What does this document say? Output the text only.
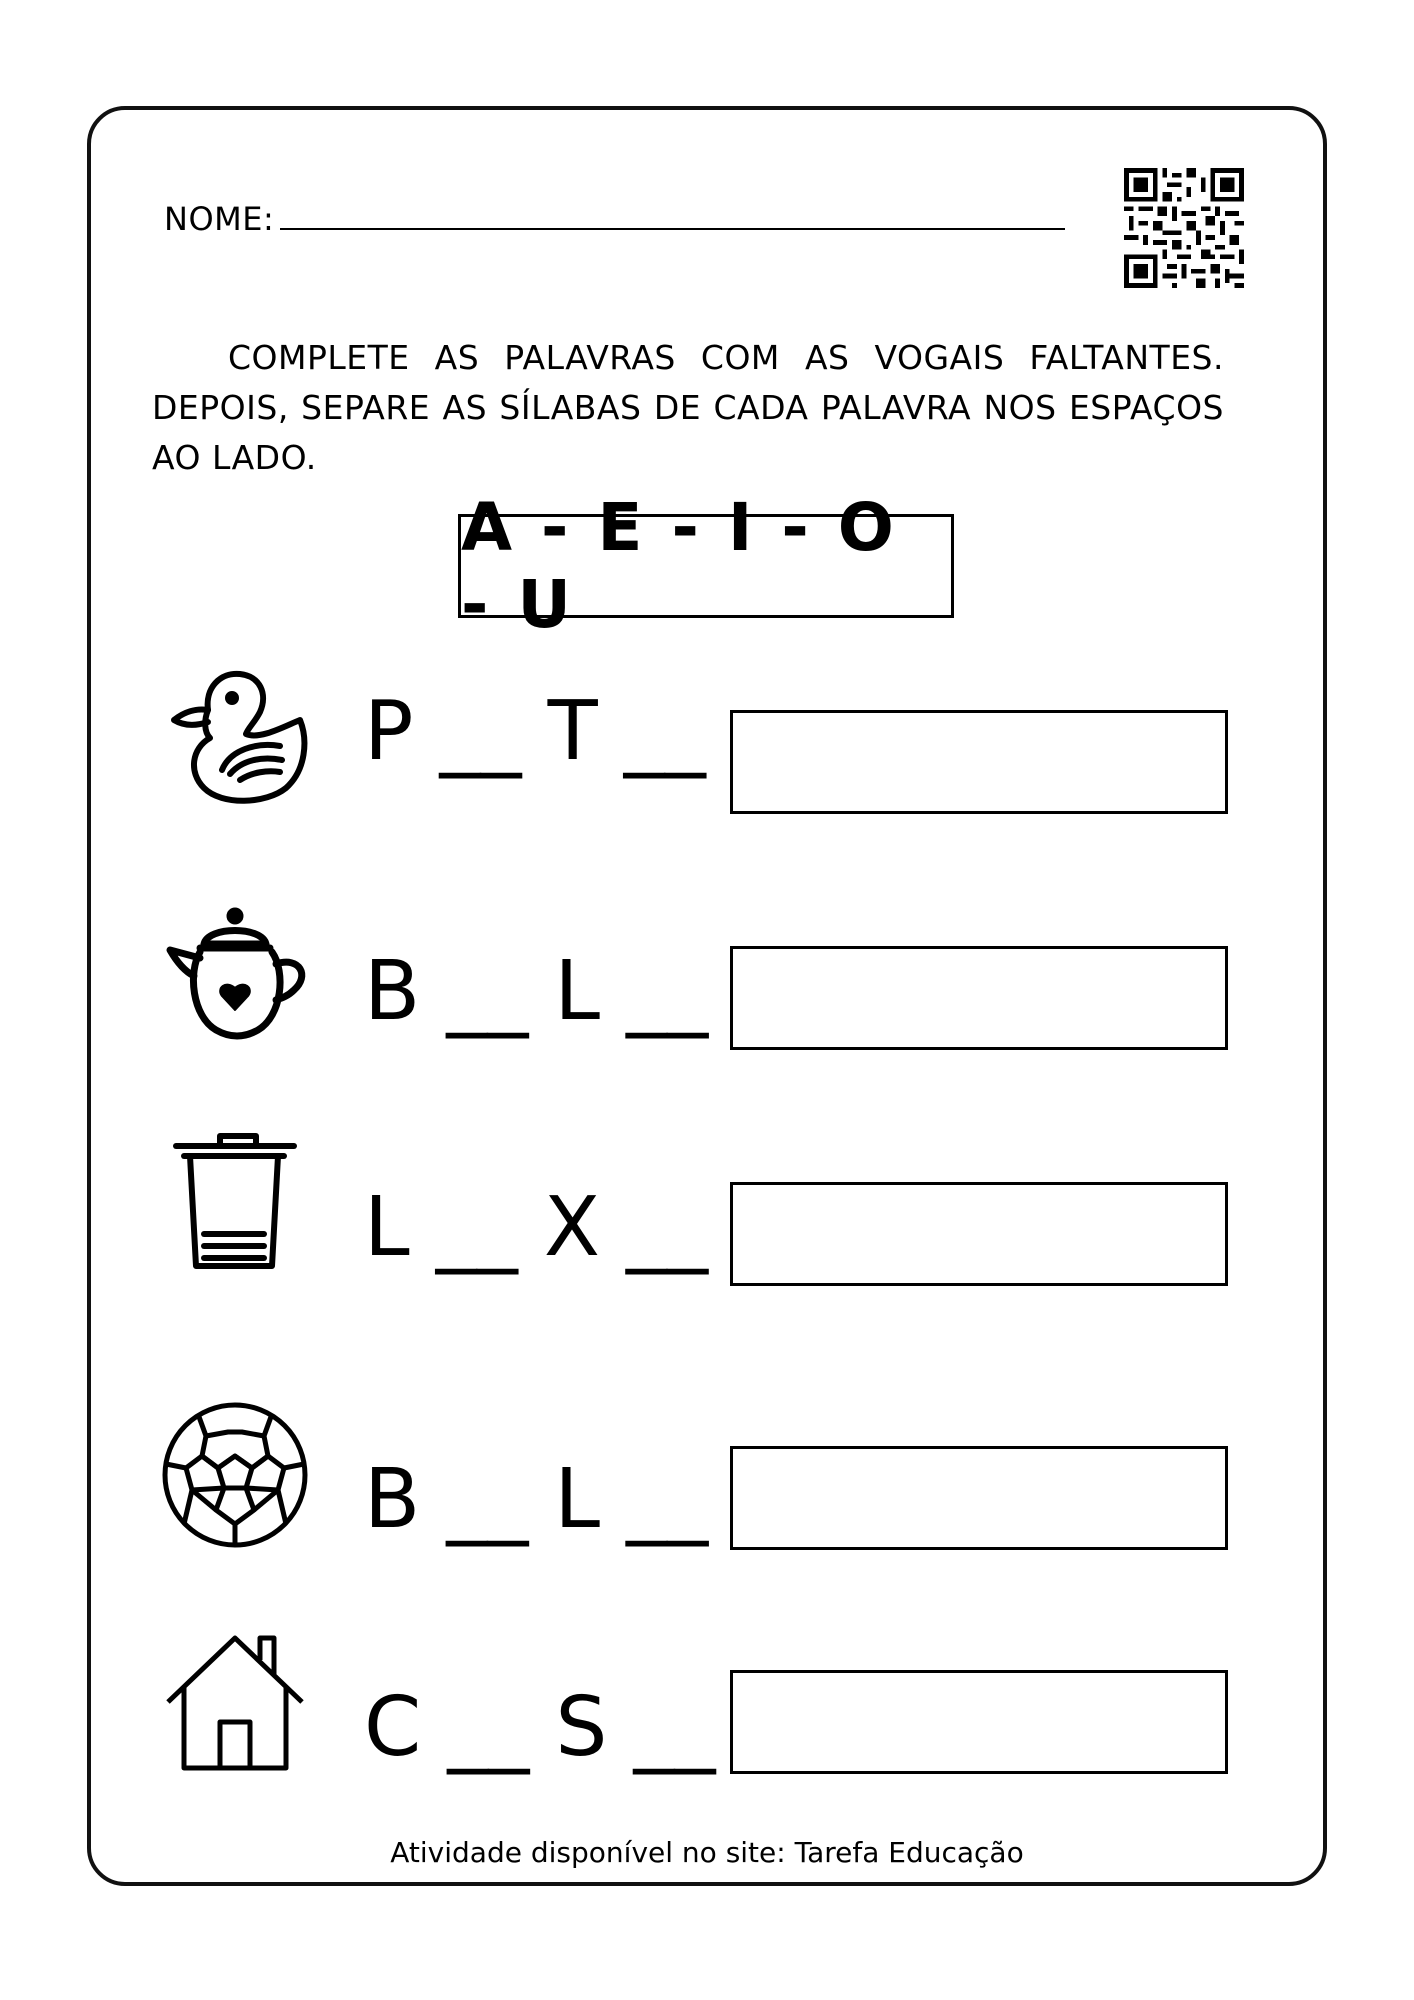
NOME:
COMPLETE AS PALAVRAS COM AS VOGAIS FALTANTES. DEPOIS, SEPARE AS SÍLABAS DE CADA PALAVRA NOS ESPAÇOS AO LADO.
A - E - I - O - U
P __ T __
B __ L __
L __ X __
B __ L __
C __ S __
Atividade disponível no site: Tarefa Educação
